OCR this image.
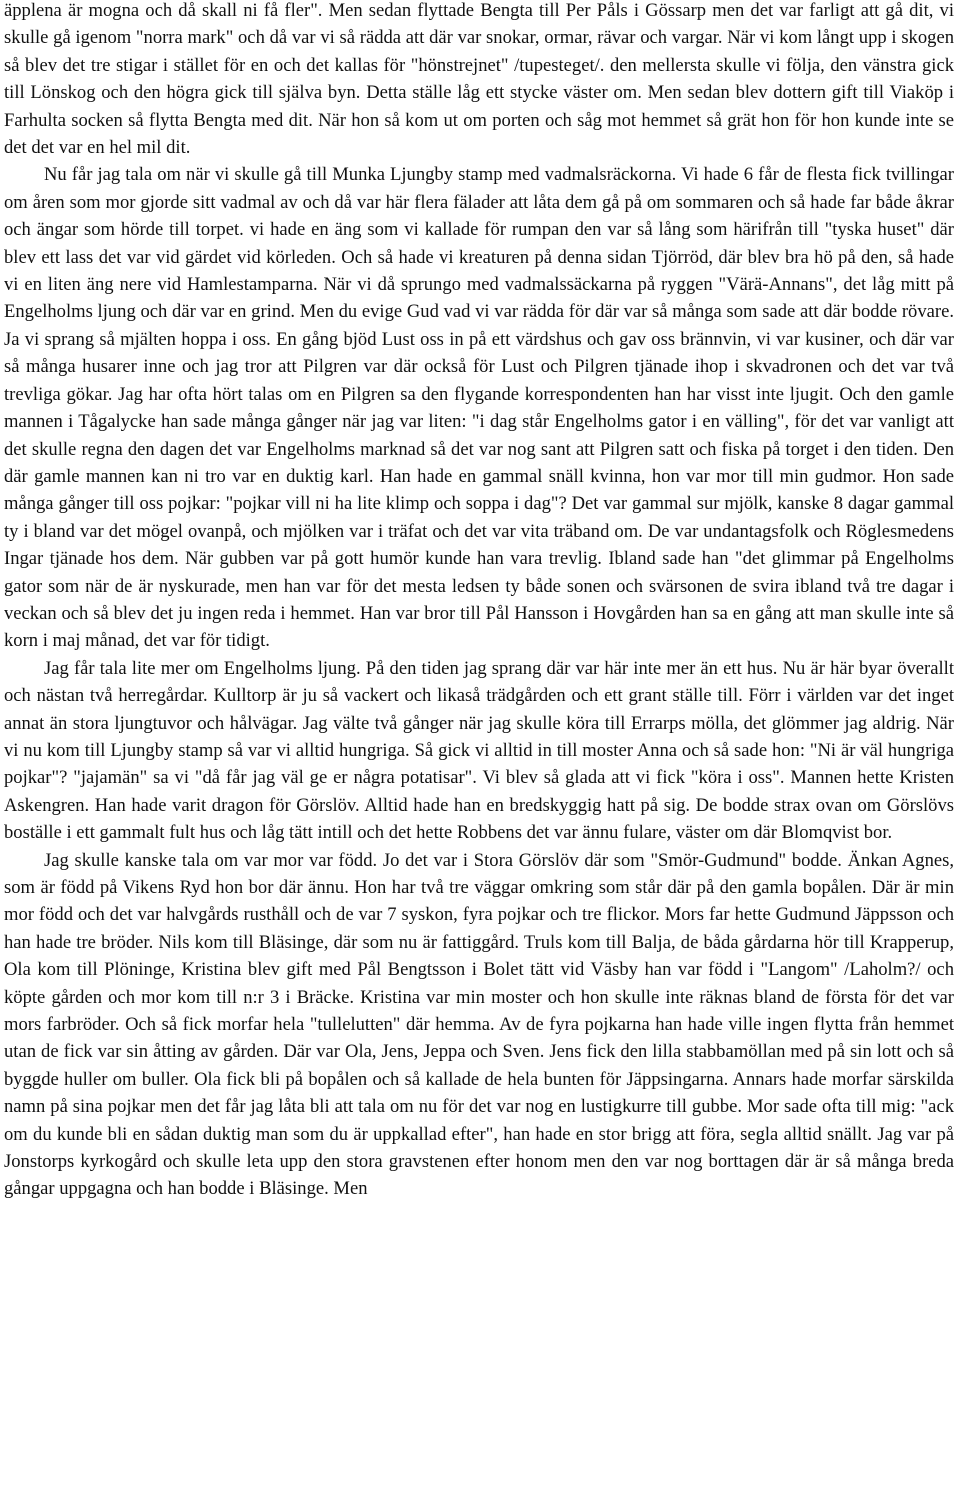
äpplena är mogna och då skall ni få fler". Men sedan flyttade Bengta till Per Påls i Gössarp men det var farligt att gå dit, vi skulle gå igenom "norra mark" och då var vi så rädda att där var snokar, ormar, rävar och vargar. När vi kom långt upp i skogen så blev det tre stigar i stället för en och det kallas för "hönstrejnet" /tupesteget/. den mellersta skulle vi följa, den vänstra gick till Lönskog och den högra gick till själva byn. Detta ställe låg ett stycke väster om. Men sedan blev dottern gift till Viaköp i Farhulta socken så flytta Bengta med dit. När hon så kom ut om porten och såg mot hemmet så grät hon för hon kunde inte se det det var en hel mil dit.

Nu får jag tala om när vi skulle gå till Munka Ljungby stamp med vadmalsräckorna. Vi hade 6 får de flesta fick tvillingar om åren som mor gjorde sitt vadmal av och då var här flera fälader att låta dem gå på om sommaren och så hade far både åkrar och ängar som hörde till torpet. vi hade en äng som vi kallade för rumpan den var så lång som härifrån till "tyska huset" där blev ett lass det var vid gärdet vid körleden. Och så hade vi kreaturen på denna sidan Tjörröd, där blev bra hö på den, så hade vi en liten äng nere vid Hamlestamparna. När vi då sprungo med vadmalssäckarna på ryggen "Värä-Annans", det låg mitt på Engelholms ljung och där var en grind. Men du evige Gud vad vi var rädda för där var så många som sade att där bodde rövare. Ja vi sprang så mjälten hoppa i oss. En gång bjöd Lust oss in på ett värdshus och gav oss brännvin, vi var kusiner, och där var så många husarer inne och jag tror att Pilgren var där också för Lust och Pilgren tjänade ihop i skvadronen och det var två trevliga gökar. Jag har ofta hört talas om en Pilgren sa den flygande korrespondenten han har visst inte ljugit. Och den gamle mannen i Tågalycke han sade många gånger när jag var liten: "i dag står Engelholms gator i en välling", för det var vanligt att det skulle regna den dagen det var Engelholms marknad så det var nog sant att Pilgren satt och fiska på torget i den tiden. Den där gamle mannen kan ni tro var en duktig karl. Han hade en gammal snäll kvinna, hon var mor till min gudmor. Hon sade många gånger till oss pojkar: "pojkar vill ni ha lite klimp och soppa i dag"? Det var gammal sur mjölk, kanske 8 dagar gammal ty i bland var det mögel ovanpå, och mjölken var i träfat och det var vita träband om. De var undantagsfolk och Röglesmedens Ingar tjänade hos dem. När gubben var på gott humör kunde han vara trevlig. Ibland sade han "det glimmar på Engelholms gator som när de är nyskurade, men han var för det mesta ledsen ty både sonen och svärsonen de svira ibland två tre dagar i veckan och så blev det ju ingen reda i hemmet. Han var bror till Pål Hansson i Hovgården han sa en gång att man skulle inte så korn i maj månad, det var för tidigt.

Jag får tala lite mer om Engelholms ljung. På den tiden jag sprang där var här inte mer än ett hus. Nu är här byar överallt och nästan två herregårdar. Kulltorp är ju så vackert och likaså trädgården och ett grant ställe till. Förr i världen var det inget annat än stora ljungtuvor och hålvägar. Jag välte två gånger när jag skulle köra till Errarps mölla, det glömmer jag aldrig. När vi nu kom till Ljungby stamp så var vi alltid hungriga. Så gick vi alltid in till moster Anna och så sade hon: "Ni är väl hungriga pojkar"? "jajamän" sa vi "då får jag väl ge er några potatisar". Vi blev så glada att vi fick "köra i oss". Mannen hette Kristen Askengren. Han hade varit dragon för Görslöv. Alltid hade han en bredskyggig hatt på sig. De bodde strax ovan om Görslövs boställe i ett gammalt fult hus och låg tätt intill och det hette Robbens det var ännu fulare, väster om där Blomqvist bor.

Jag skulle kanske tala om var mor var född. Jo det var i Stora Görslöv där som "Smör-Gudmund" bodde. Änkan Agnes, som är född på Vikens Ryd hon bor där ännu. Hon har två tre väggar omkring som står där på den gamla bopålen. Där är min mor född och det var halvgårds rusthåll och de var 7 syskon, fyra pojkar och tre flickor. Mors far hette Gudmund Jäppsson och han hade tre bröder. Nils kom till Bläsinge, där som nu är fattiggård. Truls kom till Balja, de båda gårdarna hör till Krapperup, Ola kom till Plöninge, Kristina blev gift med Pål Bengtsson i Bolet tätt vid Väsby han var född i "Langom" /Laholm?/ och köpte gården och mor kom till n:r 3 i Bräcke. Kristina var min moster och hon skulle inte räknas bland de första för det var mors farbröder. Och så fick morfar hela "tullelutten" där hemma. Av de fyra pojkarna han hade ville ingen flytta från hemmet utan de fick var sin åtting av gården. Där var Ola, Jens, Jeppa och Sven. Jens fick den lilla stabbamöllan med på sin lott och så byggde huller om buller. Ola fick bli på bopålen och så kallade de hela bunten för Jäppsingarna. Annars hade morfar särskilda namn på sina pojkar men det får jag låta bli att tala om nu för det var nog en lustigkurre till gubbe. Mor sade ofta till mig: "ack om du kunde bli en sådan duktig man som du är uppkallad efter", han hade en stor brigg att föra, segla alltid snällt. Jag var på Jonstorps kyrkogård och skulle leta upp den stora gravstenen efter honom men den var nog borttagen där är så många breda gångar uppgagna och han bodde i Bläsinge. Men
